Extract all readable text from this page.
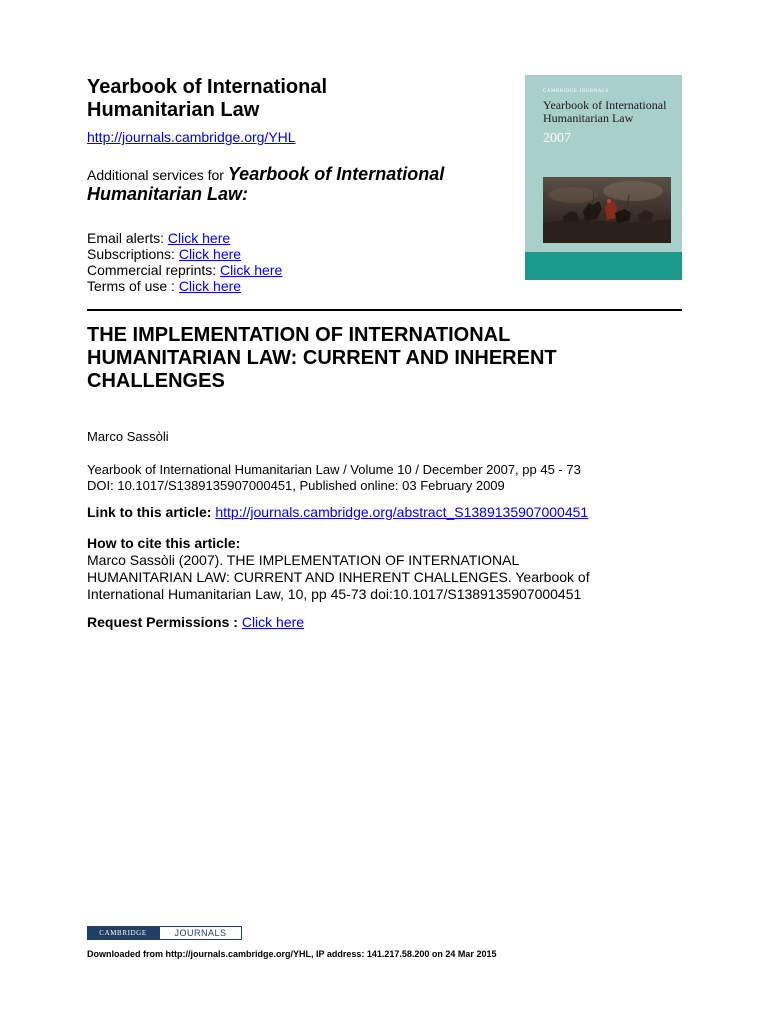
Yearbook of International
Humanitarian Law
http://journals.cambridge.org/YHL
Additional services for Yearbook of International Humanitarian Law:
Email alerts: Click here
Subscriptions: Click here
Commercial reprints: Click here
Terms of use : Click here
CAMBRIDGE JOURNALS
Yearbook of International Humanitarian Law
2007
THE IMPLEMENTATION OF INTERNATIONAL
HUMANITARIAN LAW: CURRENT AND INHERENT
CHALLENGES
Marco Sassòli
Yearbook of International Humanitarian Law / Volume 10 / December 2007, pp 45 - 73
DOI: 10.1017/S1389135907000451, Published online: 03 February 2009
Link to this article: http://journals.cambridge.org/abstract_S1389135907000451
How to cite this article:
Marco Sassòli (2007). THE IMPLEMENTATION OF INTERNATIONAL
HUMANITARIAN LAW: CURRENT AND INHERENT CHALLENGES. Yearbook of
International Humanitarian Law, 10, pp 45-73 doi:10.1017/S1389135907000451
Request Permissions : Click here
CAMBRIDGE	JOURNALS
Downloaded from http://journals.cambridge.org/YHL, IP address: 141.217.58.200 on 24 Mar 2015
